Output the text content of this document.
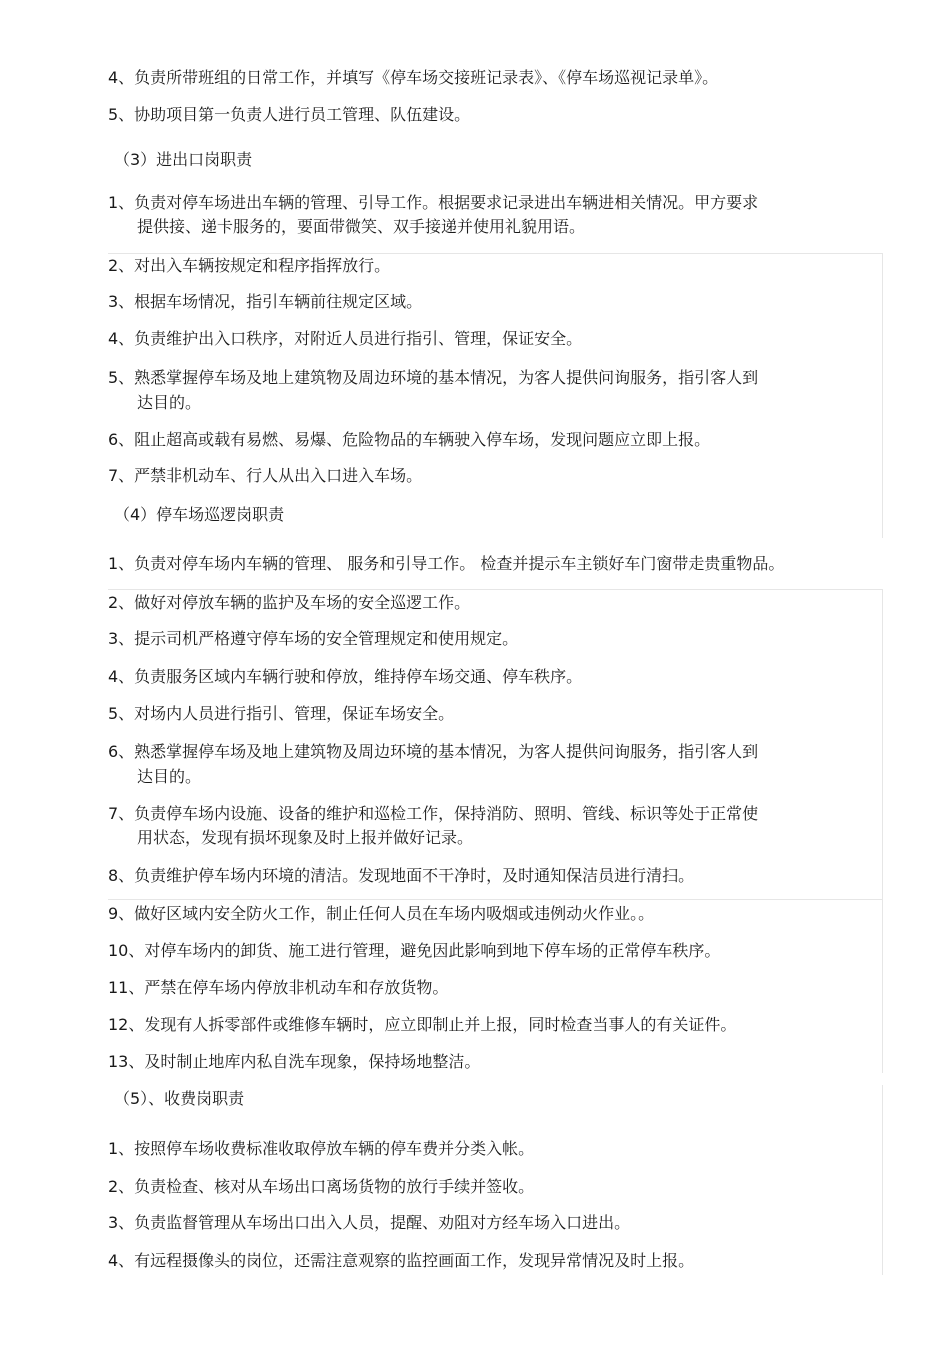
4、负责所带班组的日常工作，并填写《停车场交接班记录表》、《停车场巡视记录单》。
5、协助项目第一负责人进行员工管理、队伍建设。
（3）进出口岗职责
1、负责对停车场进出车辆的管理、引导工作。根据要求记录进出车辆进相关情况。甲方要求
提供接、递卡服务的，要面带微笑、双手接递并使用礼貌用语。
2、对出入车辆按规定和程序指挥放行。
3、根据车场情况，指引车辆前往规定区域。
4、负责维护出入口秩序，对附近人员进行指引、管理，保证安全。
5、熟悉掌握停车场及地上建筑物及周边环境的基本情况，为客人提供问询服务，指引客人到
达目的。
6、阻止超高或载有易燃、易爆、危险物品的车辆驶入停车场，发现问题应立即上报。
7、严禁非机动车、行人从出入口进入车场。
（4）停车场巡逻岗职责
1、负责对停车场内车辆的管理、 服务和引导工作。 检查并提示车主锁好车门窗带走贵重物品。
2、做好对停放车辆的监护及车场的安全巡逻工作。
3、提示司机严格遵守停车场的安全管理规定和使用规定。
4、负责服务区域内车辆行驶和停放，维持停车场交通、停车秩序。
5、对场内人员进行指引、管理，保证车场安全。
6、熟悉掌握停车场及地上建筑物及周边环境的基本情况，为客人提供问询服务，指引客人到
达目的。
7、负责停车场内设施、设备的维护和巡检工作，保持消防、照明、管线、标识等处于正常使
用状态，发现有损坏现象及时上报并做好记录。
8、负责维护停车场内环境的清洁。发现地面不干净时，及时通知保洁员进行清扫。
9、做好区域内安全防火工作，制止任何人员在车场内吸烟或违例动火作业。。
10、对停车场内的卸货、施工进行管理，避免因此影响到地下停车场的正常停车秩序。
11、严禁在停车场内停放非机动车和存放货物。
12、发现有人拆零部件或维修车辆时，应立即制止并上报，同时检查当事人的有关证件。
13、及时制止地库内私自洗车现象，保持场地整洁。
（5）、收费岗职责
1、按照停车场收费标准收取停放车辆的停车费并分类入帐。
2、负责检查、核对从车场出口离场货物的放行手续并签收。
3、负责监督管理从车场出口出入人员，提醒、劝阻对方经车场入口进出。
4、有远程摄像头的岗位，还需注意观察的监控画面工作，发现异常情况及时上报。
